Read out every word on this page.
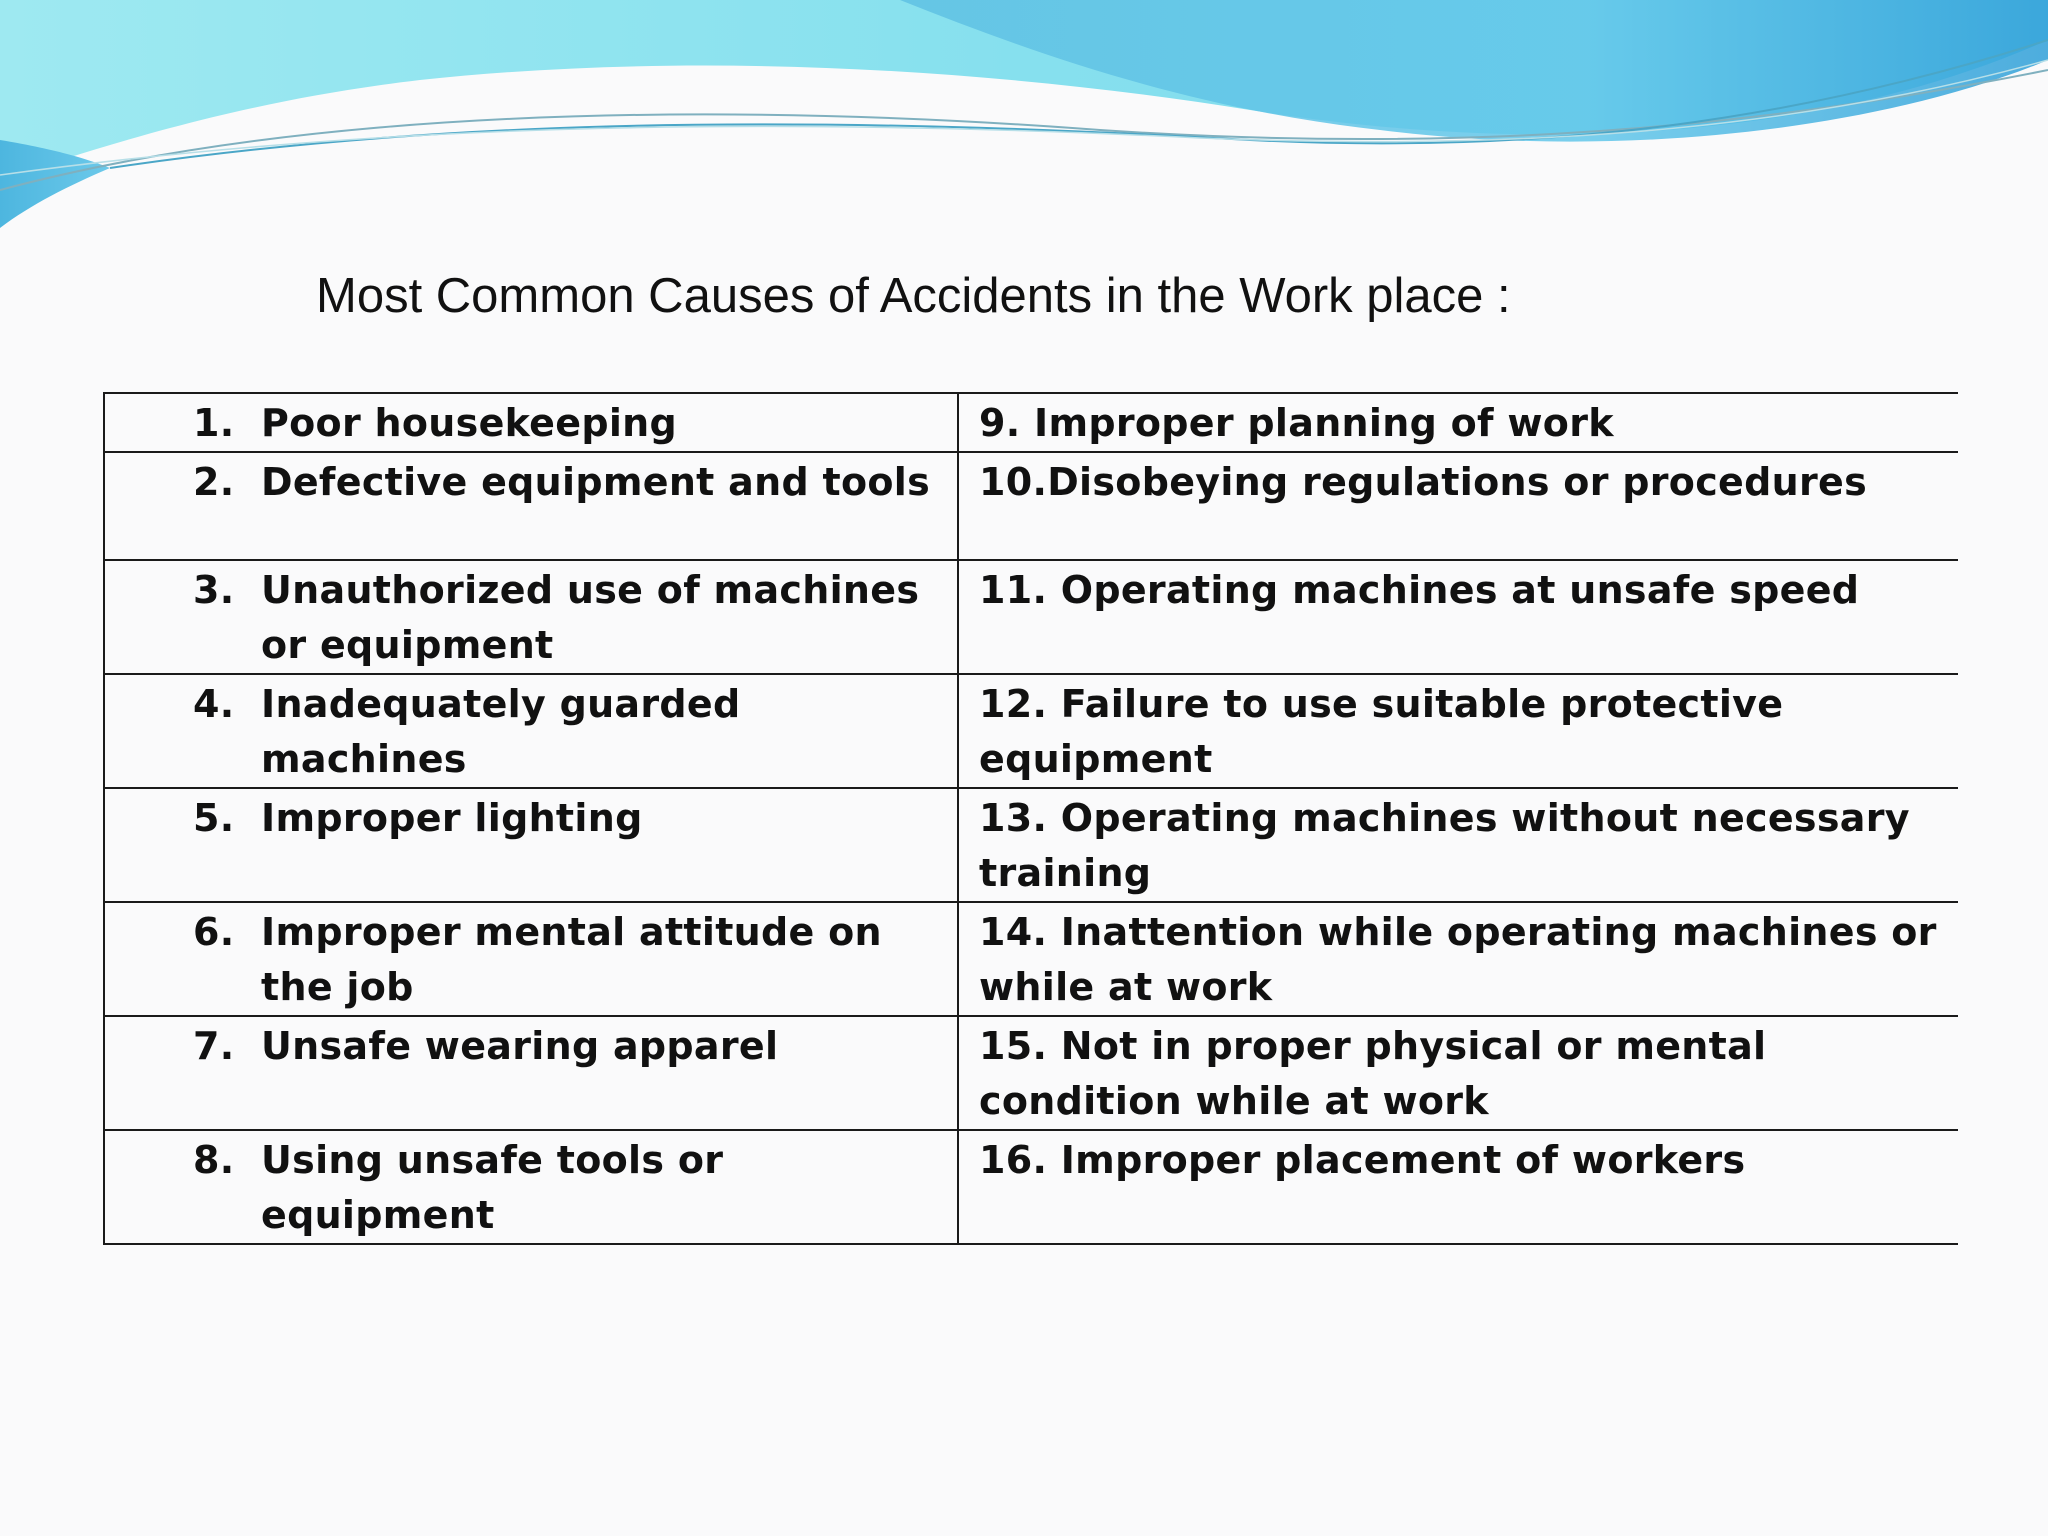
Most Common Causes of Accidents in the Work place :
1. Poor housekeeping	9. Improper planning of work

2. Defective equipment and tools	10.Disobeying regulations or procedures

3. Unauthorized use of machines or equipment	11. Operating machines at unsafe speed

4. Inadequately guarded machines	12. Failure to use suitable protective equipment

5. Improper lighting	13. Operating machines without necessary training

6. Improper mental attitude on the job	14. Inattention while operating machines or while at work

7. Unsafe wearing apparel	15. Not in proper physical or mental condition while at work

8. Using unsafe tools or equipment	16. Improper placement of workers
